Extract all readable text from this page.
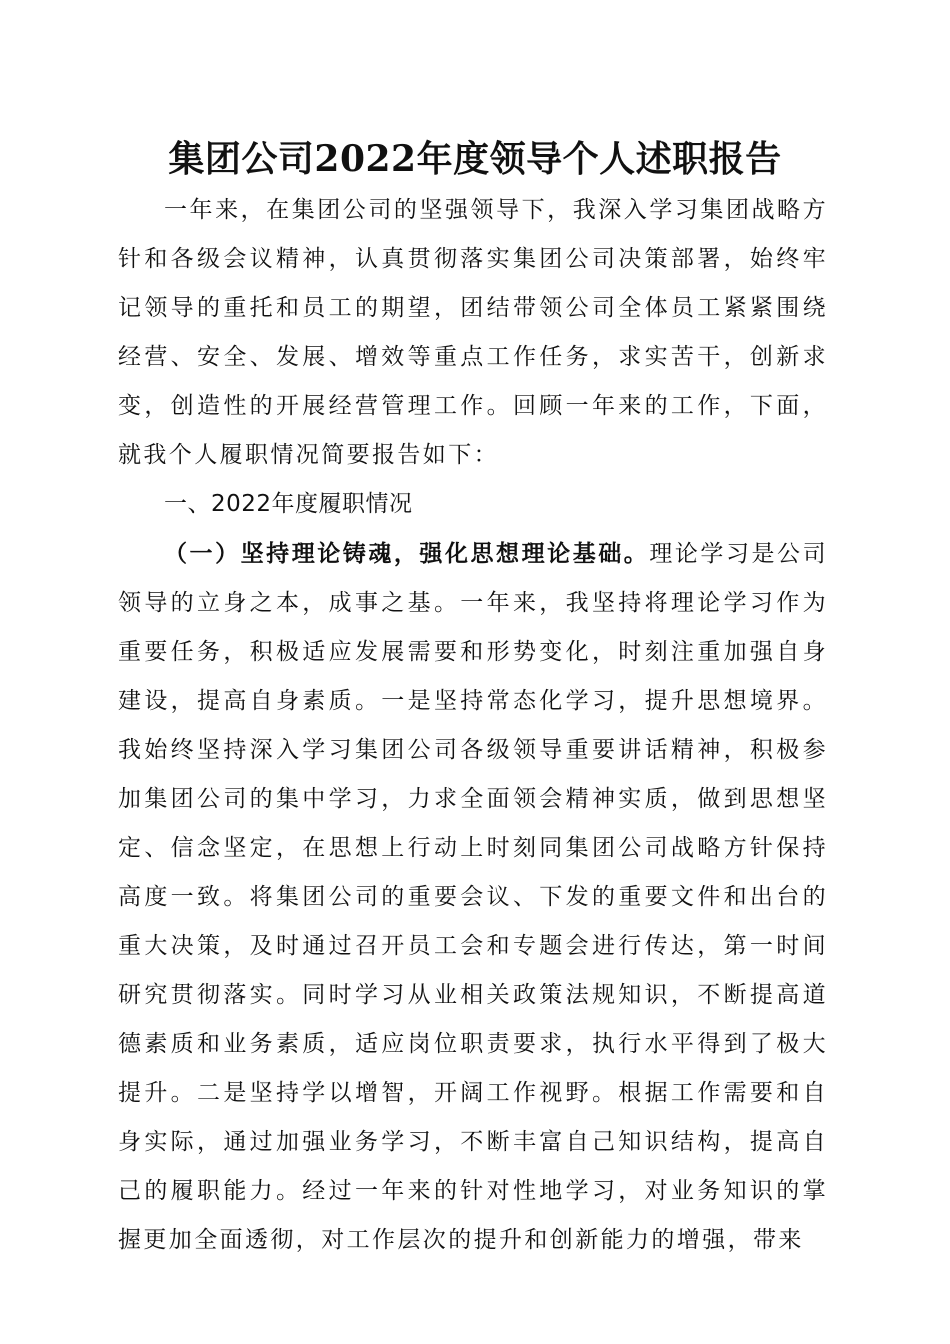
集团公司2022年度领导个人述职报告

一年来，在集团公司的坚强领导下，我深入学习集团战略方针和各级会议精神，认真贯彻落实集团公司决策部署，始终牢记领导的重托和员工的期望，团结带领公司全体员工紧紧围绕经营、安全、发展、增效等重点工作任务，求实苦干，创新求变，创造性的开展经营管理工作。回顾一年来的工作，下面，就我个人履职情况简要报告如下：

一、2022年度履职情况

（一）坚持理论铸魂，强化思想理论基础。理论学习是公司领导的立身之本，成事之基。一年来，我坚持将理论学习作为重要任务，积极适应发展需要和形势变化，时刻注重加强自身建设，提高自身素质。一是坚持常态化学习，提升思想境界。我始终坚持深入学习集团公司各级领导重要讲话精神，积极参加集团公司的集中学习，力求全面领会精神实质，做到思想坚定、信念坚定，在思想上行动上时刻同集团公司战略方针保持高度一致。将集团公司的重要会议、下发的重要文件和出台的重大决策，及时通过召开员工会和专题会进行传达，第一时间研究贯彻落实。同时学习从业相关政策法规知识，不断提高道德素质和业务素质，适应岗位职责要求，执行水平得到了极大提升。二是坚持学以增智，开阔工作视野。根据工作需要和自身实际，通过加强业务学习，不断丰富自己知识结构，提高自己的履职能力。经过一年来的针对性地学习，对业务知识的掌握更加全面透彻，对工作层次的提升和创新能力的增强，带来
